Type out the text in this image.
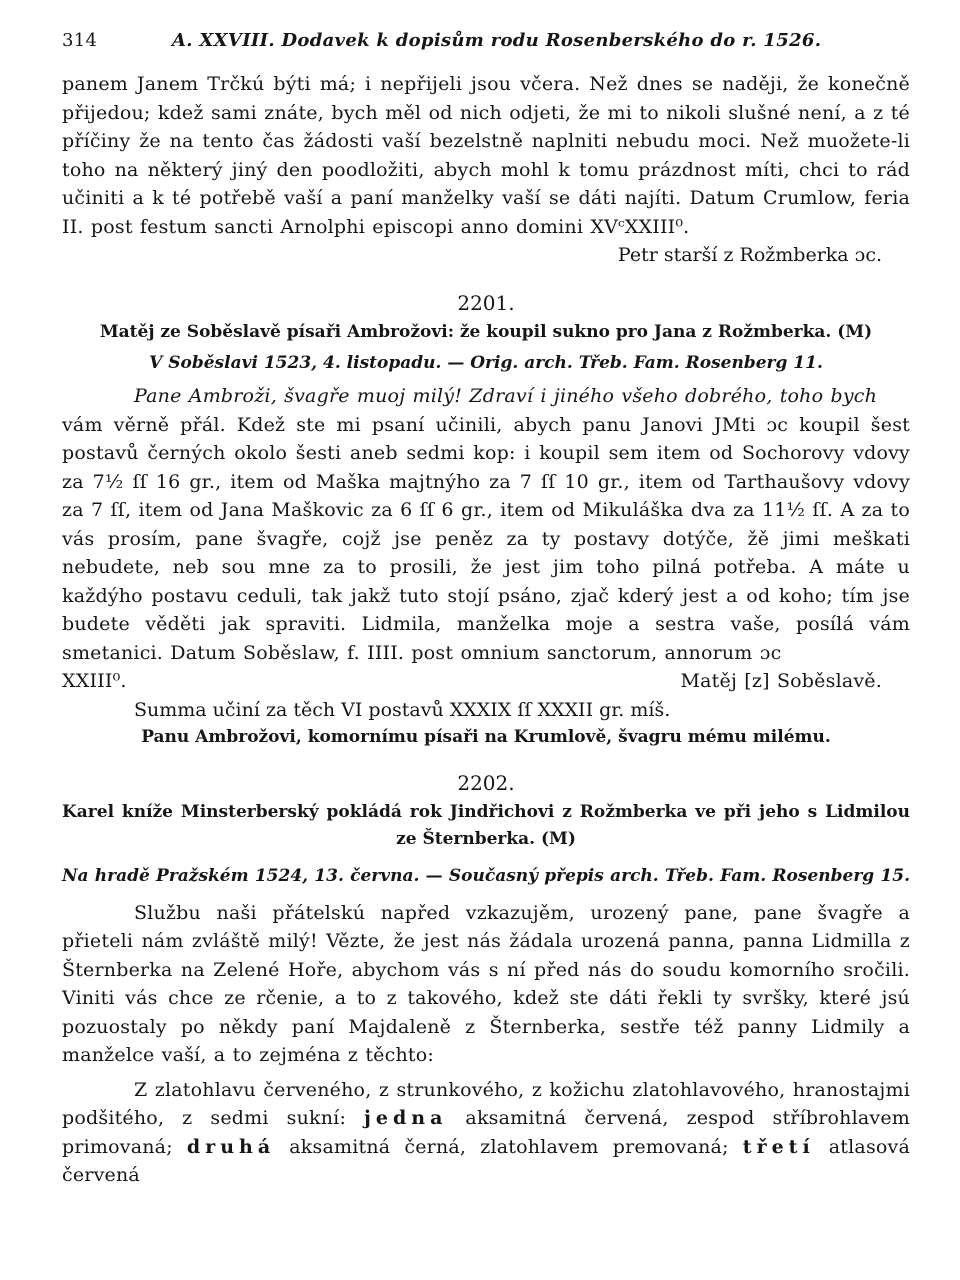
314	A. XXVIII. Dodavek k dopisům rodu Rosenberského do r. 1526.

panem Janem Trčkú býti má; i nepřijeli jsou včera. Než dnes se naději, že konečně přijedou; kdež sami znáte, bych měl od nich odjeti, že mi to nikoli slušné není, a z té příčiny že na tento čas žádosti vaší bezelstně naplniti nebudu moci. Než muožete-li toho na některý jiný den poodložiti, abych mohl k tomu prázdnost míti, chci to rád učiniti a k té potřebě vaší a paní manželky vaší se dáti najíti. Datum Crumlow, feria II. post festum sancti Arnolphi episcopi anno domini XVᶜXXIII⁰.

Petr starší z Rožmberka ɔc.
2201.
Matěj ze Soběslavě písaři Ambrožovi: že koupil sukno pro Jana z Rožmberka. (M)
V Soběslavi 1523, 4. listopadu. — Orig. arch. Třeb. Fam. Rosenberg 11.

Pane Ambroži, švagře muoj milý! Zdraví i jiného všeho dobrého, toho bych

vám věrně přál. Kdež ste mi psaní učinili, abych panu Janovi JMti ɔc koupil šest postavů černých okolo šesti aneb sedmi kop: i koupil sem item od Sochorovy vdovy za 7½ ſſ 16 gr., item od Maška majtnýho za 7 ſſ 10 gr., item od Tarthaušovy vdovy za 7 ſſ, item od Jana Maškovic za 6 ſſ 6 gr., item od Mikuláška dva za 11½ ſſ. A za to vás prosím, pane švagře, cojž jse peněz za ty postavy dotýče, žě jimi meškati nebudete, neb sou mne za to prosili, že jest jim toho pilná potřeba. A máte u každýho postavu ceduli, tak jakž tuto stojí psáno, zjač kderý jest a od koho; tím jse budete věděti jak spraviti. Lidmila, manželka moje a sestra vaše, posílá vám smetanici. Datum Soběslaw, f. IIII. post omnium sanctorum, annorum ɔc

XXIII⁰.	Matěj [z] Soběslavě.
Summa učiní za těch VI postavů XXXIX ſſ XXXII gr. míš.
Panu Ambrožovi, komornímu písaři na Krumlově, švagru mému milému.
2202.
Karel kníže Minsterberský pokládá rok Jindřichovi z Rožmberka ve při jeho s Lidmilou ze Šternberka. (M)
Na hradě Pražském 1524, 13. června. — Současný přepis arch. Třeb. Fam. Rosenberg 15.

Službu naši přátelskú napřed vzkazujěm, urozený pane, pane švagře a přieteli nám zvláště milý! Vězte, že jest nás žádala urozená panna, panna Lidmilla z Šternberka na Zelené Hoře, abychom vás s ní před nás do soudu komorního sročili. Viniti vás chce ze rčenie, a to z takového, kdež ste dáti řekli ty svršky, které jsú pozuostaly po někdy paní Majdaleně z Šternberka, sestře též panny Lidmily a manželce vaší, a to zejména z těchto:

Z zlatohlavu červeného, z strunkového, z kožichu zlatohlavového, hranostajmi podšitého, z sedmi sukní: jedna aksamitná červená, zespod stříbrohlavem primovaná; druhá aksamitná černá, zlatohlavem premovaná; třetí atlasová červená
